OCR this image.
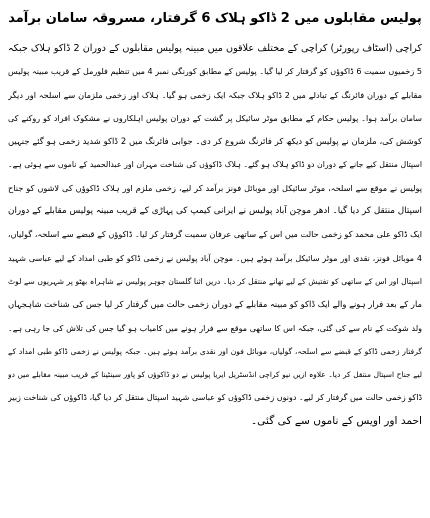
پولیس مقابلوں میں 2 ڈاکو ہلاک 6 گرفتار، مسروقہ سامان برآمد
کراچی (اسٹاف رپورٹر) کراچی کے مختلف علاقوں میں مبینہ پولیس مقابلوں کے دوران 2 ڈاکو ہلاک جبکہ
5 زخمیوں سمیت 6 ڈاکوؤں کو گرفتار کر لیا گیا۔ پولیس کے مطابق کورنگی نمبر 4 میں تنظیم فلورمل کے قریب مبینہ پولیس
مقابلے کے دوران فائرنگ کے تبادلے میں 2 ڈاکو ہلاک جبکہ ایک زخمی ہو گیا۔ ہلاک اور زخمی ملزمان سے اسلحہ اور دیگر
سامان برآمد ہوا۔ پولیس حکام کے مطابق موٹر سائیکل پر گشت کے دوران پولیس اہلکاروں نے مشکوک افراد کو روکنے کی
کوشش کی، ملزمان نے پولیس کو دیکھ کر فائرنگ شروع کر دی۔ جوابی فائرنگ میں 2 ڈاکو شدید زخمی ہو گئے جنہیں
اسپتال منتقل کیے جانے کے دوران دو ڈاکو ہلاک ہو گئے۔ ہلاک ڈاکوؤں کی شناخت مہران اور عبدالحمید کے ناموں سے ہوئی ہے۔
پولیس نے موقع سے اسلحہ، موٹر سائیکل اور موبائل فونز برآمد کر لیے، زخمی ملزم اور ہلاک ڈاکوؤں کی لاشوں کو جناح
اسپتال منتقل کر دیا گیا۔ ادھر موچن آباد پولیس نے ایرانی کیمپ کی پہاڑی کے قریب مبینہ پولیس مقابلے کے دوران
ایک ڈاکو علی محمد کو زخمی حالت میں اس کے ساتھی عرفان سمیت گرفتار کر لیا۔ ڈاکوؤں کے قبضے سے اسلحہ، گولیاں،
4 موبائل فونز، نقدی اور موٹر سائیکل برآمد ہوئے ہیں۔ موچن آباد پولیس نے زخمی ڈاکو کو طبی امداد کے لیے عباسی شہید
اسپتال اور اس کے ساتھی کو تفتیش کے لیے تھانے منتقل کر دیا۔ دریں اثنا گلستان جوہر پولیس نے شاہراہ بھٹو پر شہریوں سے لوٹ
مار کے بعد فرار ہونے والے ایک ڈاکو کو مبینہ مقابلے کے دوران زخمی حالت میں گرفتار کر لیا جس کی شناخت شاہجہاں
ولد شوکت کے نام سے کی گئی، جبکہ اس کا ساتھی موقع سے فرار ہونے میں کامیاب ہو گیا جس کی تلاش کی جا رہی ہے۔
گرفتار زخمی ڈاکو کے قبضے سے اسلحہ، گولیاں، موبائل فون اور نقدی برآمد ہوئے ہیں۔ جبکہ پولیس نے زخمی ڈاکو طبی امداد کے
لیے جناح اسپتال منتقل کر دیا۔ علاوہ ازیں نیو کراچی انڈسٹریل ایریا پولیس نے دو ڈاکوؤں کو پاور سینٹینا کے قریب مبینہ مقابلے میں دو
ڈاکو زخمی حالت میں گرفتار کر لیے۔ دونوں زخمی ڈاکوؤں کو عباسی شہید اسپتال منتقل کر دیا گیا، ڈاکوؤں کی شناخت زبیر
احمد اور اویس کے ناموں سے کی گئی۔
